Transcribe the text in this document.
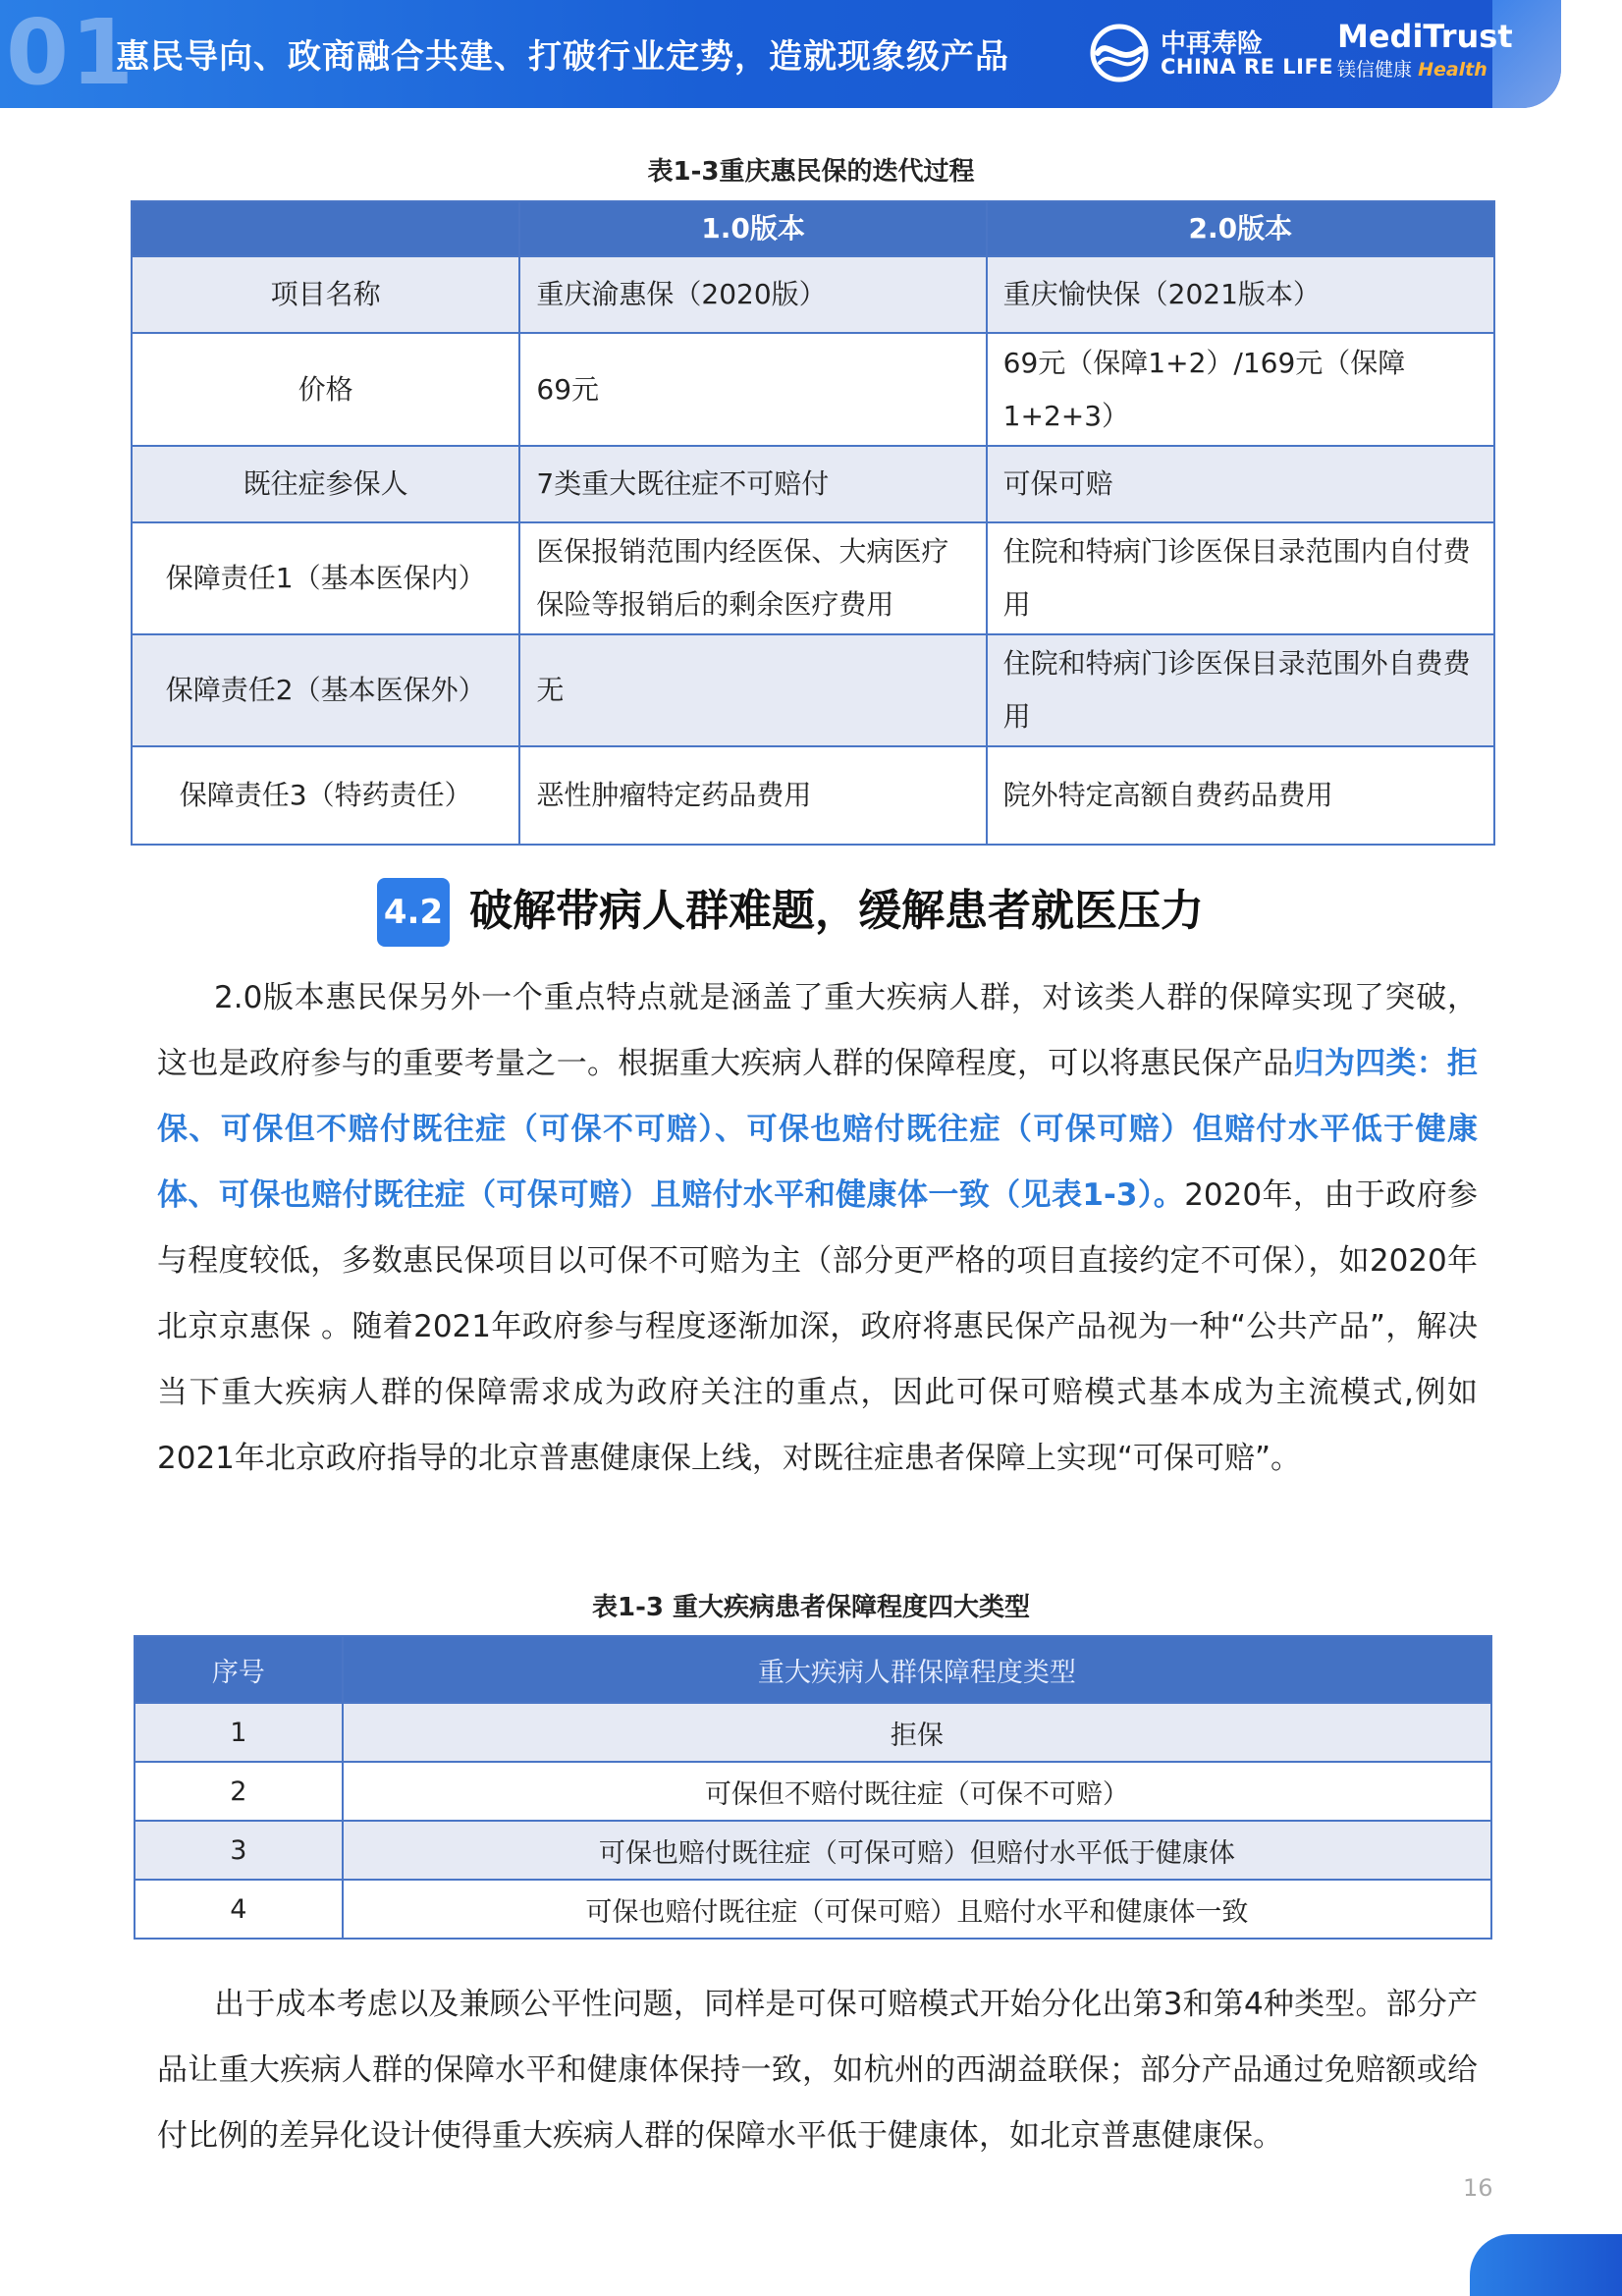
01
惠民导向、政商融合共建、打破行业定势，造就现象级产品	中再寿险
CHINA RE LIFE
MediTrust
镁信健康 Health
表1-3重庆惠民保的迭代过程
	1.0版本	2.0版本
项目名称	重庆渝惠保（2020版）	重庆愉快保（2021版本）
价格	69元	69元（保障1+2）/169元（保障1+2+3）
既往症参保人	7类重大既往症不可赔付	可保可赔
保障责任1（基本医保内）	医保报销范围内经医保、大病医疗保险等报销后的剩余医疗费用	住院和特病门诊医保目录范围内自付费用
保障责任2（基本医保外）	无	住院和特病门诊医保目录范围外自费费用
保障责任3（特药责任）	恶性肿瘤特定药品费用	院外特定高额自费药品费用
4.2 破解带病人群难题，缓解患者就医压力
2.0版本惠民保另外一个重点特点就是涵盖了重大疾病人群，对该类人群的保障实现了突破，这也是政府参与的重要考量之一。根据重大疾病人群的保障程度，可以将惠民保产品归为四类：拒保、可保但不赔付既往症（可保不可赔）、可保也赔付既往症（可保可赔）但赔付水平低于健康体、可保也赔付既往症（可保可赔）且赔付水平和健康体一致（见表1-3）。2020年，由于政府参与程度较低，多数惠民保项目以可保不可赔为主（部分更严格的项目直接约定不可保），如2020年北京京惠保 。随着2021年政府参与程度逐渐加深，政府将惠民保产品视为一种“公共产品”，解决当下重大疾病人群的保障需求成为政府关注的重点，因此可保可赔模式基本成为主流模式,例如2021年北京政府指导的北京普惠健康保上线，对既往症患者保障上实现“可保可赔”。
表1-3 重大疾病患者保障程度四大类型
序号	重大疾病人群保障程度类型
1	拒保
2	可保但不赔付既往症（可保不可赔）
3	可保也赔付既往症（可保可赔）但赔付水平低于健康体
4	可保也赔付既往症（可保可赔）且赔付水平和健康体一致
出于成本考虑以及兼顾公平性问题，同样是可保可赔模式开始分化出第3和第4种类型。部分产品让重大疾病人群的保障水平和健康体保持一致，如杭州的西湖益联保；部分产品通过免赔额或给付比例的差异化设计使得重大疾病人群的保障水平低于健康体，如北京普惠健康保。
16
